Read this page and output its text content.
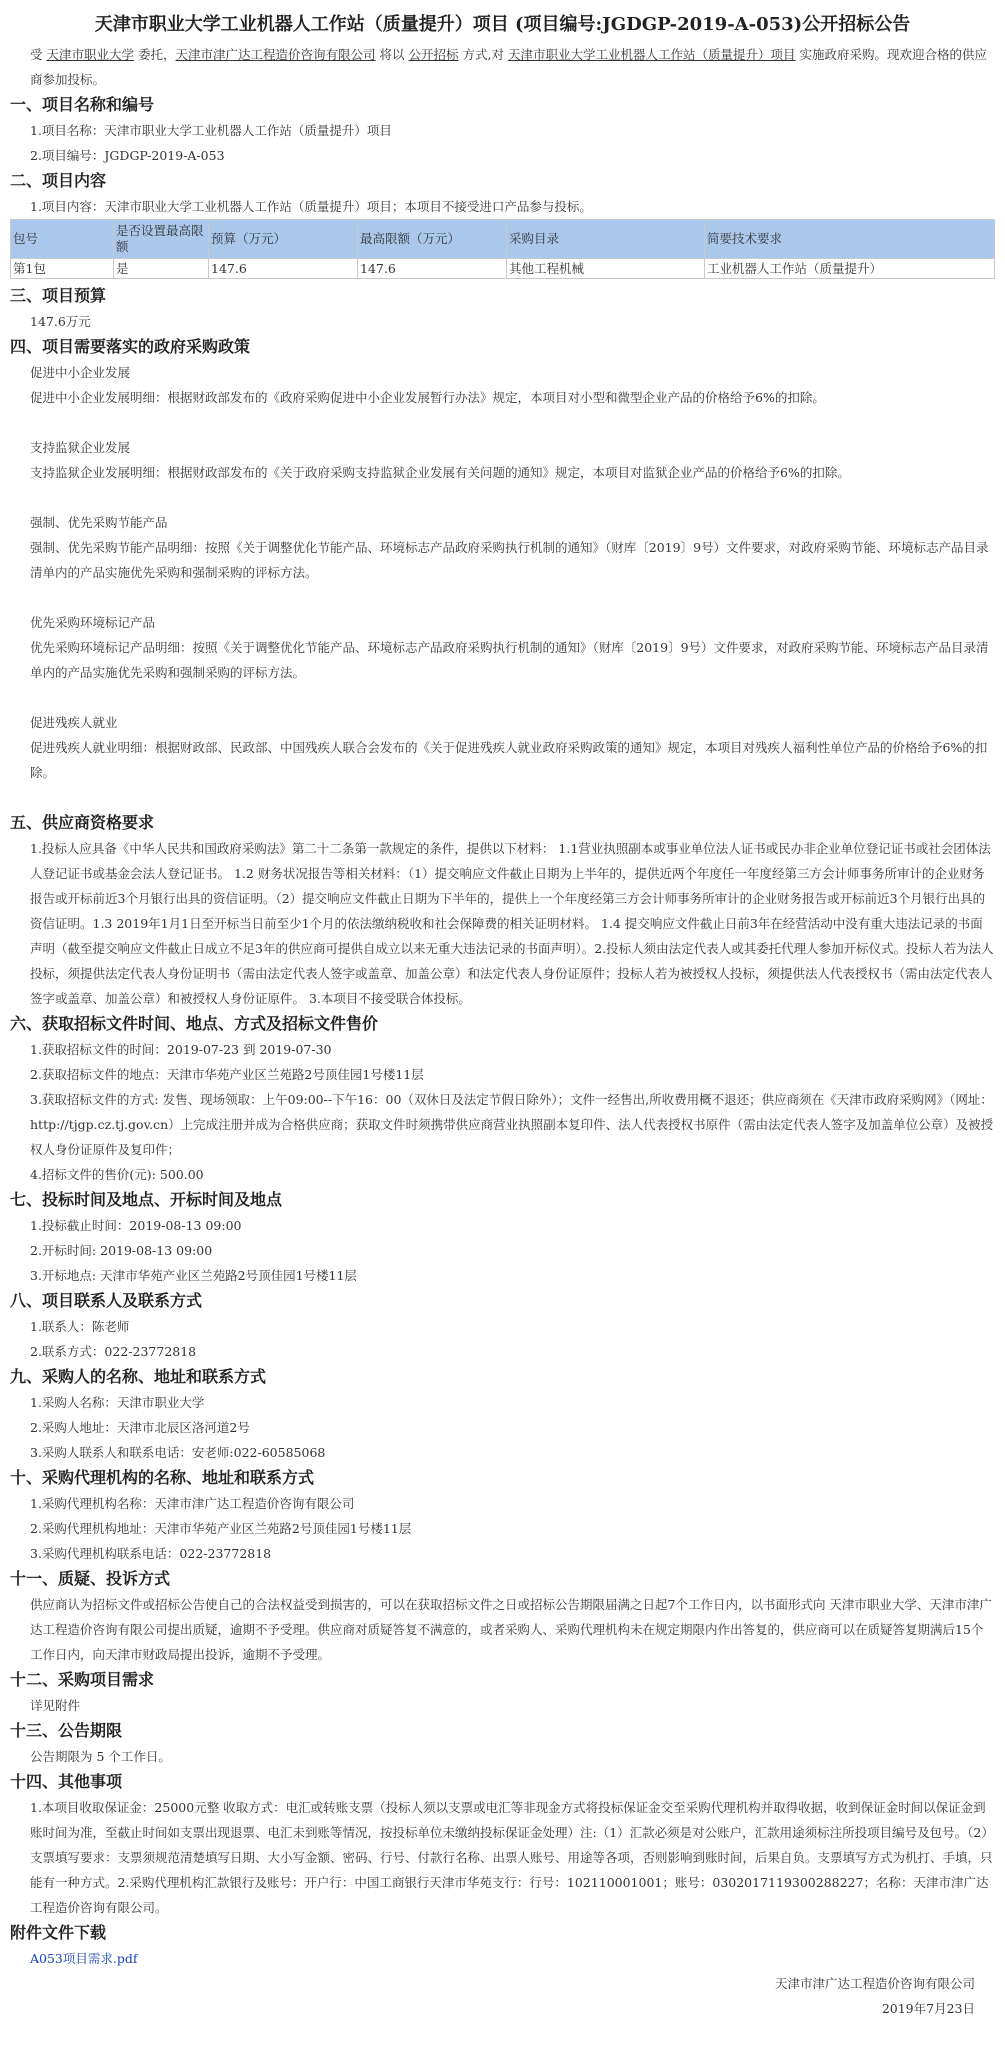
天津市职业大学工业机器人工作站（质量提升）项目 (项目编号:JGDGP-2019-A-053)公开招标公告

受 天津市职业大学 委托，天津市津广达工程造价咨询有限公司 将以 公开招标 方式,对 天津市职业大学工业机器人工作站（质量提升）项目 实施政府采购。现欢迎合格的供应商参加投标。

一、项目名称和编号

1.项目名称：天津市职业大学工业机器人工作站（质量提升）项目

2.项目编号：JGDGP-2019-A-053

二、项目内容

1.项目内容：天津市职业大学工业机器人工作站（质量提升）项目；本项目不接受进口产品参与投标。

包号	是否设置最高限额	预算（万元）	最高限额（万元）	采购目录	简要技术要求
第1包	是	147.6	147.6	其他工程机械	工业机器人工作站（质量提升）
三、项目预算

147.6万元

四、项目需要落实的政府采购政策

促进中小企业发展

促进中小企业发展明细：根据财政部发布的《政府采购促进中小企业发展暂行办法》规定，本项目对小型和微型企业产品的价格给予6%的扣除。

支持监狱企业发展

支持监狱企业发展明细：根据财政部发布的《关于政府采购支持监狱企业发展有关问题的通知》规定，本项目对监狱企业产品的价格给予6%的扣除。

强制、优先采购节能产品

强制、优先采购节能产品明细：按照《关于调整优化节能产品、环境标志产品政府采购执行机制的通知》（财库〔2019〕9号）文件要求，对政府采购节能、环境标志产品目录清单内的产品实施优先采购和强制采购的评标方法。

优先采购环境标记产品

优先采购环境标记产品明细：按照《关于调整优化节能产品、环境标志产品政府采购执行机制的通知》（财库〔2019〕9号）文件要求，对政府采购节能、环境标志产品目录清单内的产品实施优先采购和强制采购的评标方法。

促进残疾人就业

促进残疾人就业明细：根据财政部、民政部、中国残疾人联合会发布的《关于促进残疾人就业政府采购政策的通知》规定，本项目对残疾人福利性单位产品的价格给予6%的扣除。

五、供应商资格要求

1.投标人应具备《中华人民共和国政府采购法》第二十二条第一款规定的条件，提供以下材料： 1.1营业执照副本或事业单位法人证书或民办非企业单位登记证书或社会团体法人登记证书或基金会法人登记证书。 1.2 财务状况报告等相关材料：（1）提交响应文件截止日期为上半年的，提供近两个年度任一年度经第三方会计师事务所审计的企业财务报告或开标前近3个月银行出具的资信证明。（2）提交响应文件截止日期为下半年的，提供上一个年度经第三方会计师事务所审计的企业财务报告或开标前近3个月银行出具的资信证明。1.3 2019年1月1日至开标当日前至少1个月的依法缴纳税收和社会保障费的相关证明材料。 1.4 提交响应文件截止日前3年在经营活动中没有重大违法记录的书面声明（截至提交响应文件截止日成立不足3年的供应商可提供自成立以来无重大违法记录的书面声明）。2.投标人须由法定代表人或其委托代理人参加开标仪式。投标人若为法人投标，须提供法定代表人身份证明书（需由法定代表人签字或盖章、加盖公章）和法定代表人身份证原件；投标人若为被授权人投标，须提供法人代表授权书（需由法定代表人签字或盖章、加盖公章）和被授权人身份证原件。 3.本项目不接受联合体投标。

六、获取招标文件时间、地点、方式及招标文件售价

1.获取招标文件的时间：2019-07-23 到 2019-07-30

2.获取招标文件的地点：天津市华苑产业区兰苑路2号顶佳园1号楼11层

3.获取招标文件的方式: 发售、现场领取：上午09:00--下午16：00（双休日及法定节假日除外）；文件一经售出,所收费用概不退还；供应商须在《天津市政府采购网》（网址：http://tjgp.cz.tj.gov.cn）上完成注册并成为合格供应商；获取文件时须携带供应商营业执照副本复印件、法人代表授权书原件（需由法定代表人签字及加盖单位公章）及被授权人身份证原件及复印件；

4.招标文件的售价(元): 500.00

七、投标时间及地点、开标时间及地点

1.投标截止时间：2019-08-13 09:00

2.开标时间: 2019-08-13 09:00

3.开标地点: 天津市华苑产业区兰苑路2号顶佳园1号楼11层

八、项目联系人及联系方式

1.联系人：陈老师

2.联系方式：022-23772818

九、采购人的名称、地址和联系方式

1.采购人名称：天津市职业大学

2.采购人地址：天津市北辰区洛河道2号

3.采购人联系人和联系电话：安老师:022-60585068

十、采购代理机构的名称、地址和联系方式

1.采购代理机构名称：天津市津广达工程造价咨询有限公司

2.采购代理机构地址：天津市华苑产业区兰苑路2号顶佳园1号楼11层

3.采购代理机构联系电话：022-23772818

十一、质疑、投诉方式

供应商认为招标文件或招标公告使自己的合法权益受到损害的，可以在获取招标文件之日或招标公告期限届满之日起7个工作日内，以书面形式向 天津市职业大学、天津市津广达工程造价咨询有限公司提出质疑，逾期不予受理。供应商对质疑答复不满意的，或者采购人、采购代理机构未在规定期限内作出答复的，供应商可以在质疑答复期满后15个工作日内，向天津市财政局提出投诉，逾期不予受理。

十二、采购项目需求

详见附件

十三、公告期限

公告期限为 5 个工作日。

十四、其他事项

1.本项目收取保证金：25000元整 收取方式：电汇或转账支票（投标人须以支票或电汇等非现金方式将投标保证金交至采购代理机构并取得收据，收到保证金时间以保证金到账时间为准，至截止时间如支票出现退票、电汇未到账等情况，按投标单位未缴纳投标保证金处理）注:（1）汇款必须是对公账户，汇款用途须标注所投项目编号及包号。（2）支票填写要求：支票须规范清楚填写日期、大小写金额、密码、行号、付款行名称、出票人账号、用途等各项，否则影响到账时间，后果自负。支票填写方式为机打、手填，只能有一种方式。2.采购代理机构汇款银行及账号：开户行：中国工商银行天津市华苑支行：行号：102110001001；账号：0302017119300288227；名称：天津市津广达工程造价咨询有限公司。

附件文件下载

A053项目需求.pdf

天津市津广达工程造价咨询有限公司

2019年7月23日
